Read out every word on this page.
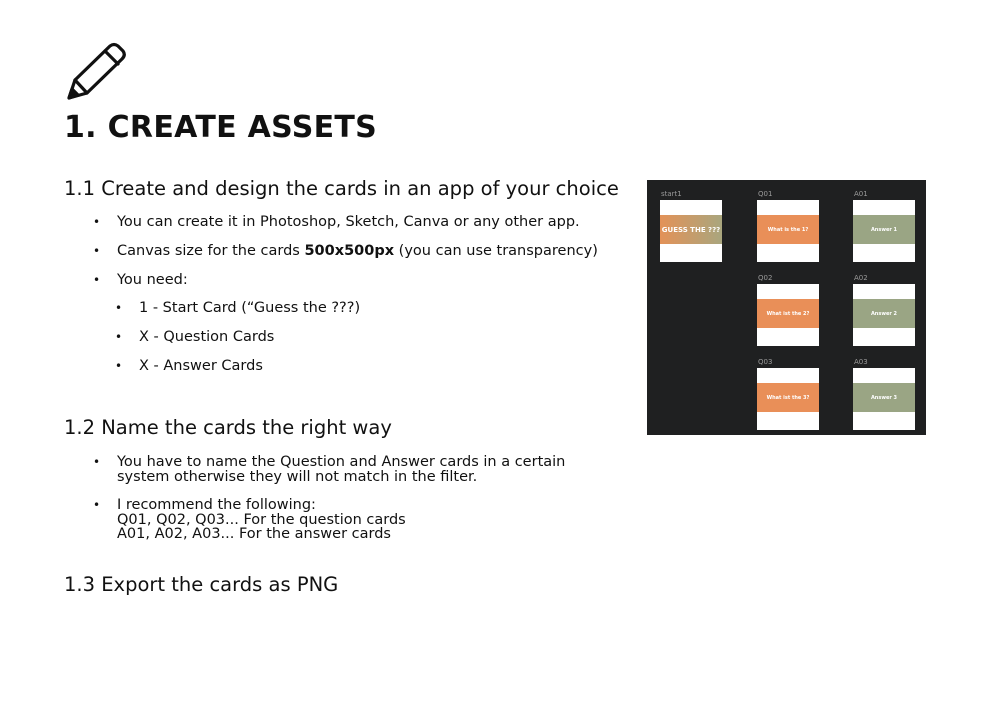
1. CREATE ASSETS
1.1 Create and design the cards in an app of your choice
• You can create it in Photoshop, Sketch, Canva or any other app.
• Canvas size for the cards 500x500px (you can use transparency)
• You need:
• 1 - Start Card (“Guess the ???)
• X - Question Cards
• X - Answer Cards
1.2 Name the cards the right way
• You have to name the Question and Answer cards in a certain
system otherwise they will not match in the filter.
• I recommend the following:
Q01, Q02, Q03... For the question cards
A01, A02, A03... For the answer cards
1.3 Export the cards as PNG
start1
GUESS THE ???
Q01
What is the 1?
A01
Answer 1
Q02
What ist the 2?
A02
Answer 2
Q03
What ist the 3?
A03
Answer 3
